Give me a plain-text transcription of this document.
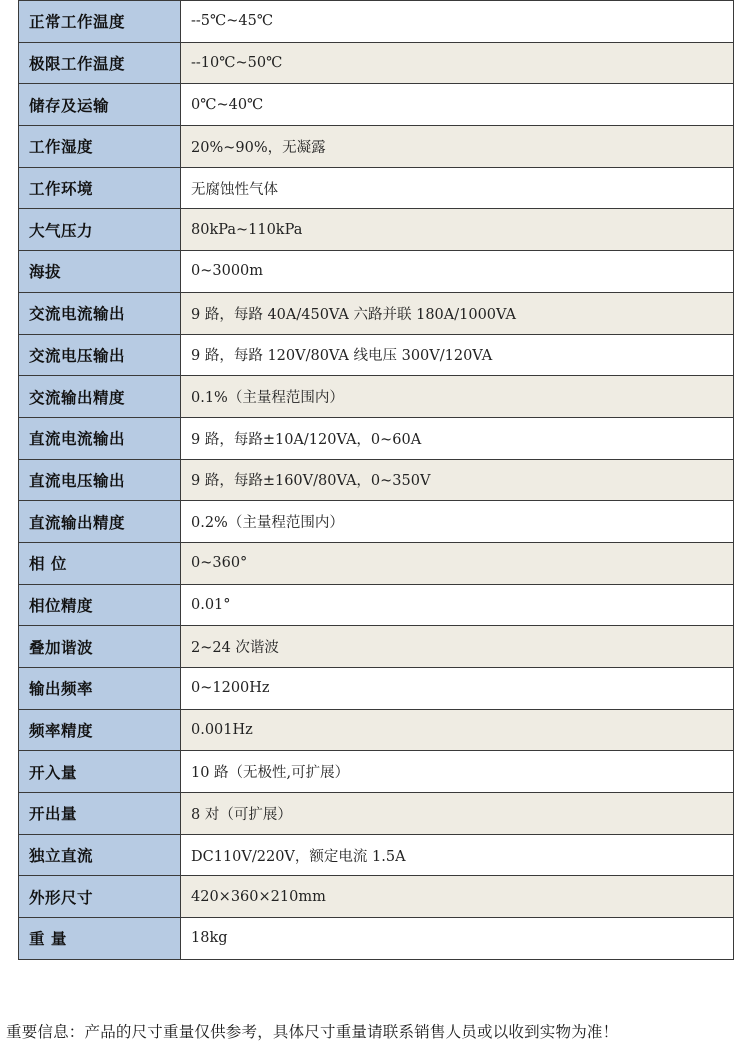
正常工作温度	--5℃~45℃
极限工作温度	--10℃~50℃
储存及运输	0℃~40℃
工作湿度	20%~90%，无凝露
工作环境	无腐蚀性气体
大气压力	80kPa~110kPa
海拔	0~3000m
交流电流输出	9 路，每路 40A/450VA 六路并联 180A/1000VA
交流电压输出	9 路，每路 120V/80VA 线电压 300V/120VA
交流输出精度	0.1%（主量程范围内）
直流电流输出	9 路，每路±10A/120VA，0~60A
直流电压输出	9 路，每路±160V/80VA，0~350V
直流输出精度	0.2%（主量程范围内）
相 位	0~360°
相位精度	0.01°
叠加谐波	2~24 次谐波
输出频率	0~1200Hz
频率精度	0.001Hz
开入量	10 路（无极性,可扩展）
开出量	8 对（可扩展）
独立直流	DC110V/220V，额定电流 1.5A
外形尺寸	420×360×210mm
重 量	18kg
重要信息：产品的尺寸重量仅供参考，具体尺寸重量请联系销售人员或以收到实物为准！
